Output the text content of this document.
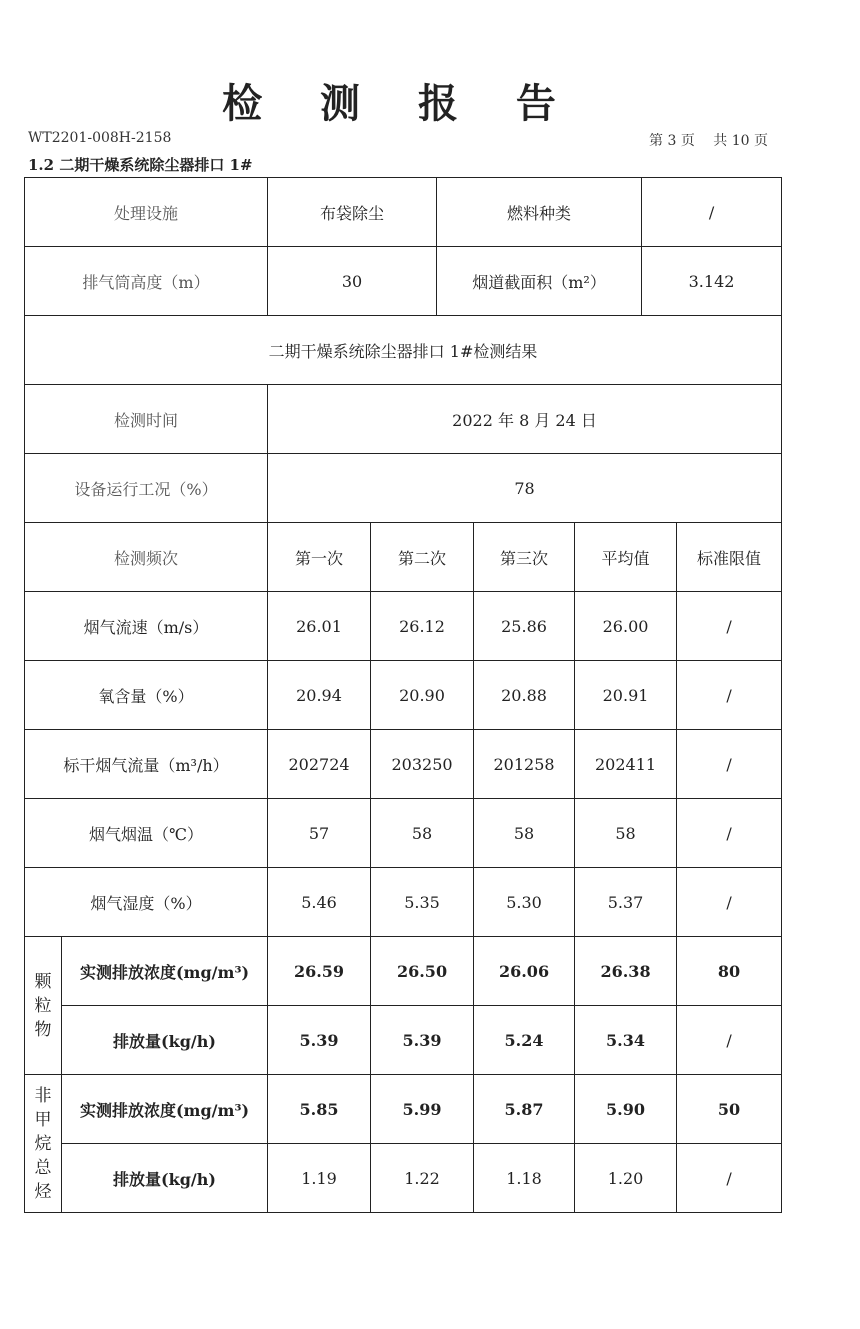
检 测 报 告
WT2201-008H-2158	第 3 页　 共 10 页
1.2 二期干燥系统除尘器排口 1#
处理设施		布袋除尘		燃料种类			/	
排气筒高度（m）		30		烟道截面积（m²）			3.142	
二期干燥系统除尘器排口 1#检测结果								
检测时间		2022 年 8 月 24 日						
设备运行工况（%）		78						
检测频次		第一次	第二次		第三次	平均值		标准限值
烟气流速（m/s）		26.01	26.12		25.86	26.00		/
氧含量（%）		20.94	20.90		20.88	20.91		/
标干烟气流量（m³/h）		202724	203250		201258	202411		/
烟气烟温（℃）		57	58		58	58		/
烟气湿度（%）		5.46	5.35		5.30	5.37		/

颗
粒
物	实测排放浓度(mg/m³)	26.59	26.50		26.06	26.38		80
	排放量(kg/h)	5.39	5.39		5.24	5.34		/

非
甲
烷
总
烃	实测排放浓度(mg/m³)	5.85	5.99		5.87	5.90		50
	排放量(kg/h)	1.19	1.22		1.18	1.20		/
